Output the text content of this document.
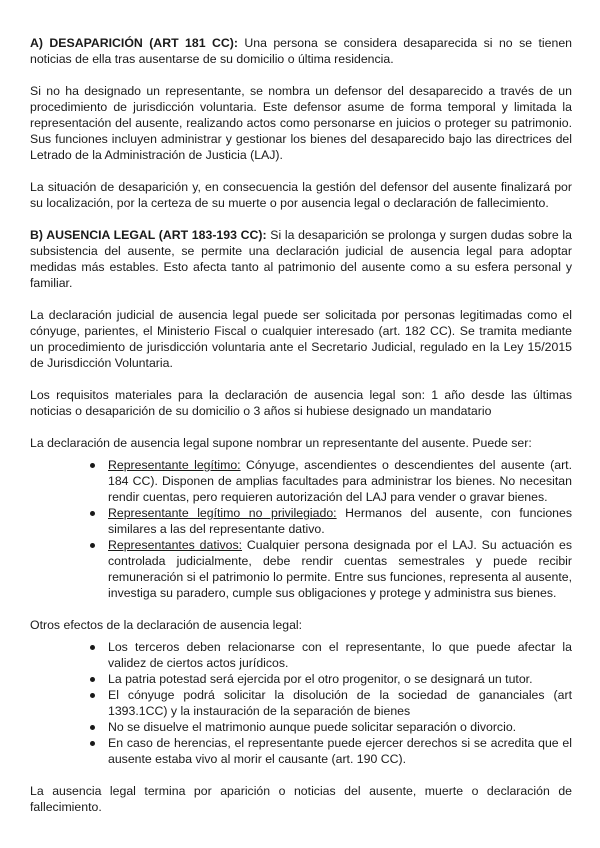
A) DESAPARICIÓN (ART 181 CC): Una persona se considera desaparecida si no se tienen noticias de ella tras ausentarse de su domicilio o última residencia.

Si no ha designado un representante, se nombra un defensor del desaparecido a través de un procedimiento de jurisdicción voluntaria. Este defensor asume de forma temporal y limitada la representación del ausente, realizando actos como personarse en juicios o proteger su patrimonio. Sus funciones incluyen administrar y gestionar los bienes del desaparecido bajo las directrices del Letrado de la Administración de Justicia (LAJ).

La situación de desaparición y, en consecuencia la gestión del defensor del ausente finalizará por su localización, por la certeza de su muerte o por ausencia legal o declaración de fallecimiento.

B) AUSENCIA LEGAL (ART 183-193 CC): Si la desaparición se prolonga y surgen dudas sobre la subsistencia del ausente, se permite una declaración judicial de ausencia legal para adoptar medidas más estables. Esto afecta tanto al patrimonio del ausente como a su esfera personal y familiar.

La declaración judicial de ausencia legal puede ser solicitada por personas legitimadas como el cónyuge, parientes, el Ministerio Fiscal o cualquier interesado (art. 182 CC). Se tramita mediante un procedimiento de jurisdicción voluntaria ante el Secretario Judicial, regulado en la Ley 15/2015 de Jurisdicción Voluntaria.

Los requisitos materiales para la declaración de ausencia legal son: 1 año desde las últimas noticias o desaparición de su domicilio o 3 años si hubiese designado un mandatario

La declaración de ausencia legal supone nombrar un representante del ausente. Puede ser:

Representante legítimo: Cónyuge, ascendientes o descendientes del ausente (art. 184 CC). Disponen de amplias facultades para administrar los bienes. No necesitan rendir cuentas, pero requieren autorización del LAJ para vender o gravar bienes.
Representante legítimo no privilegiado: Hermanos del ausente, con funciones similares a las del representante dativo.
Representantes dativos: Cualquier persona designada por el LAJ. Su actuación es controlada judicialmente, debe rendir cuentas semestrales y puede recibir remuneración si el patrimonio lo permite. Entre sus funciones, representa al ausente, investiga su paradero, cumple sus obligaciones y protege y administra sus bienes.

Otros efectos de la declaración de ausencia legal:

Los terceros deben relacionarse con el representante, lo que puede afectar la validez de ciertos actos jurídicos.
La patria potestad será ejercida por el otro progenitor, o se designará un tutor.
El cónyuge podrá solicitar la disolución de la sociedad de gananciales (art 1393.1CC) y la instauración de la separación de bienes
No se disuelve el matrimonio aunque puede solicitar separación o divorcio.
En caso de herencias, el representante puede ejercer derechos si se acredita que el ausente estaba vivo al morir el causante (art. 190 CC).

La ausencia legal termina por aparición o noticias del ausente, muerte o declaración de fallecimiento.
